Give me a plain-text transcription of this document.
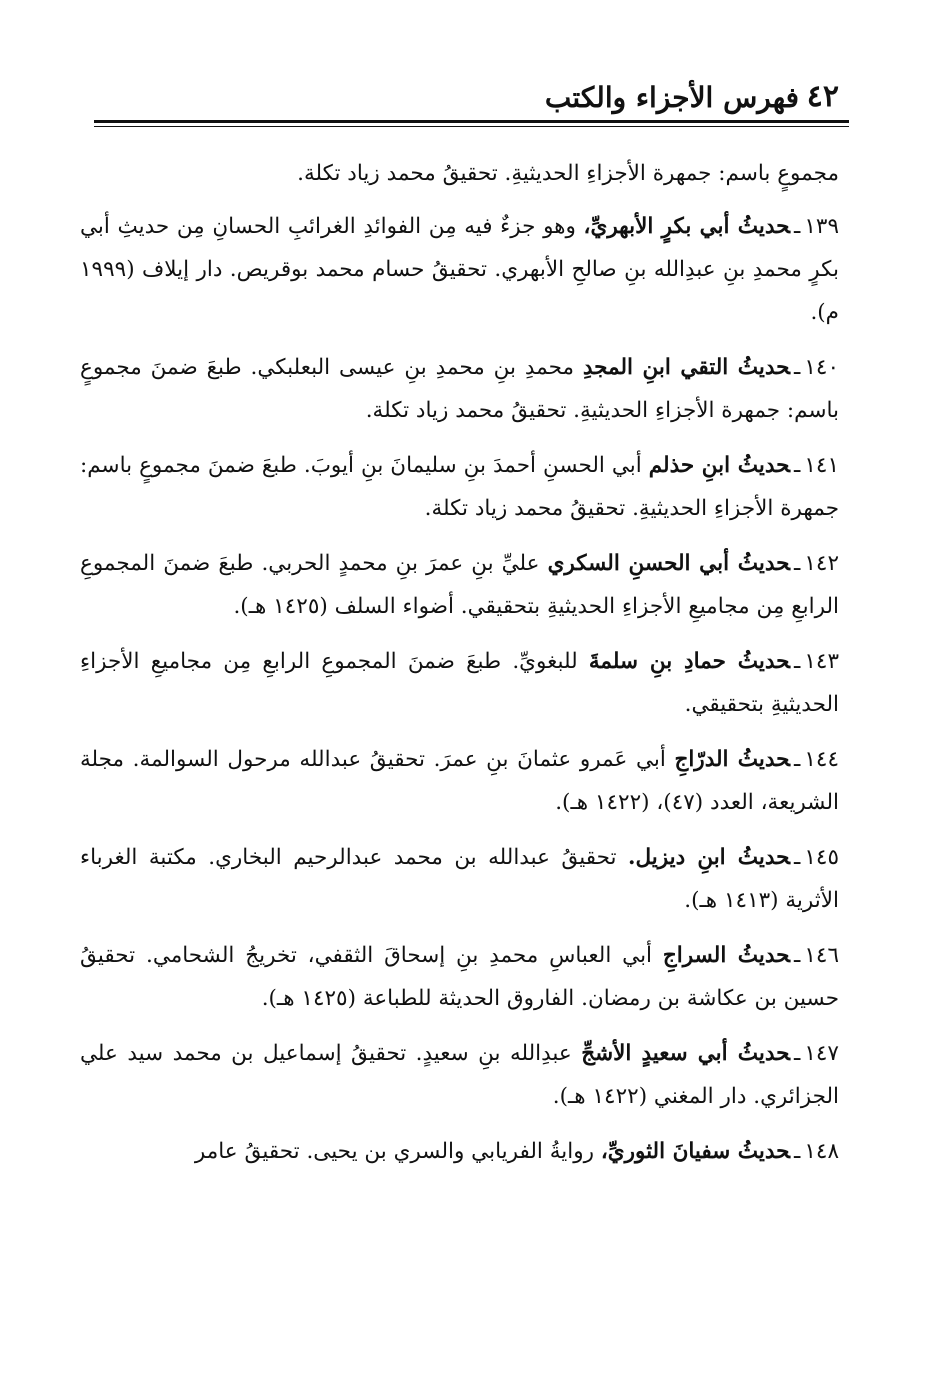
٤٢
فهرس الأجزاء والكتب

مجموعٍ باسم: جمهرة الأجزاءِ الحديثيةِ. تحقيقُ محمد زياد تكلة.

١٣٩ـحديثُ أبي بكرٍ الأبهريِّ، وهو جزءٌ فيه مِن الفوائدِ الغرائبِ الحسانِ مِن حديثِ أبي بكرٍ محمدِ بنِ عبدِالله بنِ صالحِ الأبهري. تحقيقُ حسام محمد بوقريص. دار إيلاف (١٩٩٩ م).

١٤٠ـحديثُ التقي ابنِ المجدِ محمدِ بنِ محمدِ بنِ عيسى البعلبكي. طبعَ ضمنَ مجموعٍ باسم: جمهرة الأجزاءِ الحديثيةِ. تحقيقُ محمد زياد تكلة.

١٤١ـحديثُ ابنِ حذلم أبي الحسنِ أحمدَ بنِ سليمانَ بنِ أيوبَ. طبعَ ضمنَ مجموعٍ باسم: جمهرة الأجزاءِ الحديثيةِ. تحقيقُ محمد زياد تكلة.

١٤٢ـحديثُ أبي الحسنِ السكري عليِّ بنِ عمرَ بنِ محمدٍ الحربي. طبعَ ضمنَ المجموعِ الرابعِ مِن مجاميعِ الأجزاءِ الحديثيةِ بتحقيقي. أضواء السلف (١٤٢٥ هـ).

١٤٣ـحديثُ حمادِ بنِ سلمةَ للبغويِّ. طبعَ ضمنَ المجموعِ الرابعِ مِن مجاميعِ الأجزاءِ الحديثيةِ بتحقيقي.

١٤٤ـحديثُ الدرّاجِ أبي عَمرو عثمانَ بنِ عمرَ. تحقيقُ عبدالله مرحول السوالمة. مجلة الشريعة، العدد (٤٧)، (١٤٢٢ هـ).

١٤٥ـحديثُ ابنِ ديزيل. تحقيقُ عبدالله بن محمد عبدالرحيم البخاري. مكتبة الغرباء الأثرية (١٤١٣ هـ).

١٤٦ـحديثُ السراجِ أبي العباسِ محمدِ بنِ إسحاقَ الثقفي، تخريجُ الشحامي. تحقيقُ حسين بن عكاشة بن رمضان. الفاروق الحديثة للطباعة (١٤٢٥ هـ).

١٤٧ـحديثُ أبي سعيدٍ الأشجِّ عبدِالله بنِ سعيدٍ. تحقيقُ إسماعيل بن محمد سيد علي الجزائري. دار المغني (١٤٢٢ هـ).

١٤٨ـحديثُ سفيانَ الثوريِّ، روايةُ الفريابي والسري بن يحيى. تحقيقُ عامر
